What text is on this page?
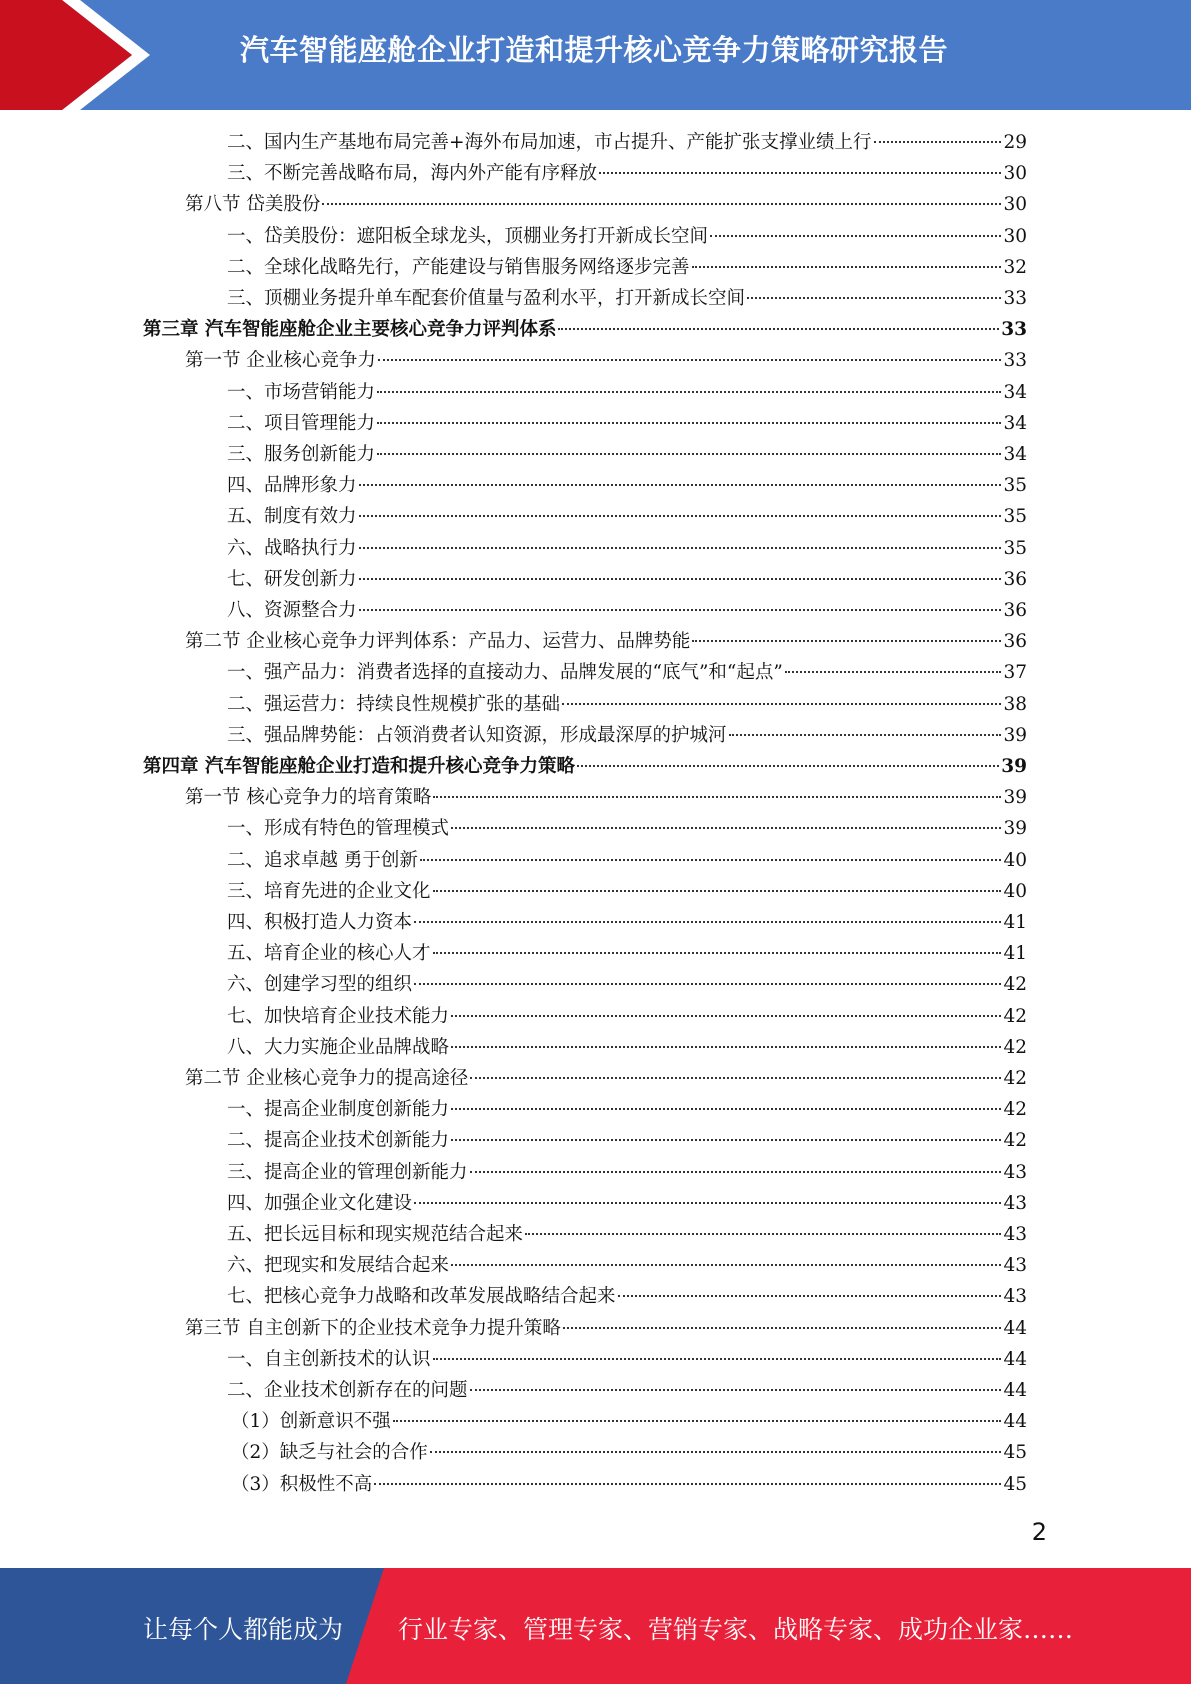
汽车智能座舱企业打造和提升核心竞争力策略研究报告
二、国内生产基地布局完善+海外布局加速，市占提升、产能扩张支撑业绩上行	29
三、不断完善战略布局，海内外产能有序释放	30
第八节 岱美股份	30
一、岱美股份：遮阳板全球龙头，顶棚业务打开新成长空间	30
二、全球化战略先行，产能建设与销售服务网络逐步完善	32
三、顶棚业务提升单车配套价值量与盈利水平，打开新成长空间	33
第三章 汽车智能座舱企业主要核心竞争力评判体系	33
第一节 企业核心竞争力	33
一、市场营销能力	34
二、项目管理能力	34
三、服务创新能力	34
四、品牌形象力	35
五、制度有效力	35
六、战略执行力	35
七、研发创新力	36
八、资源整合力	36
第二节 企业核心竞争力评判体系：产品力、运营力、品牌势能	36
一、强产品力：消费者选择的直接动力、品牌发展的“底气”和“起点”	37
二、强运营力：持续良性规模扩张的基础	38
三、强品牌势能：占领消费者认知资源，形成最深厚的护城河	39
第四章 汽车智能座舱企业打造和提升核心竞争力策略	39
第一节 核心竞争力的培育策略	39
一、形成有特色的管理模式	39
二、追求卓越 勇于创新	40
三、培育先进的企业文化	40
四、积极打造人力资本	41
五、培育企业的核心人才	41
六、创建学习型的组织	42
七、加快培育企业技术能力	42
八、大力实施企业品牌战略	42
第二节 企业核心竞争力的提高途径	42
一、提高企业制度创新能力	42
二、提高企业技术创新能力	42
三、提高企业的管理创新能力	43
四、加强企业文化建设	43
五、把长远目标和现实规范结合起来	43
六、把现实和发展结合起来	43
七、把核心竞争力战略和改革发展战略结合起来	43
第三节 自主创新下的企业技术竞争力提升策略	44
一、自主创新技术的认识	44
二、企业技术创新存在的问题	44
（1）创新意识不强	44
（2）缺乏与社会的合作	45
（3）积极性不高	45
2
让每个人都能成为 行业专家、管理专家、营销专家、战略专家、成功企业家……
